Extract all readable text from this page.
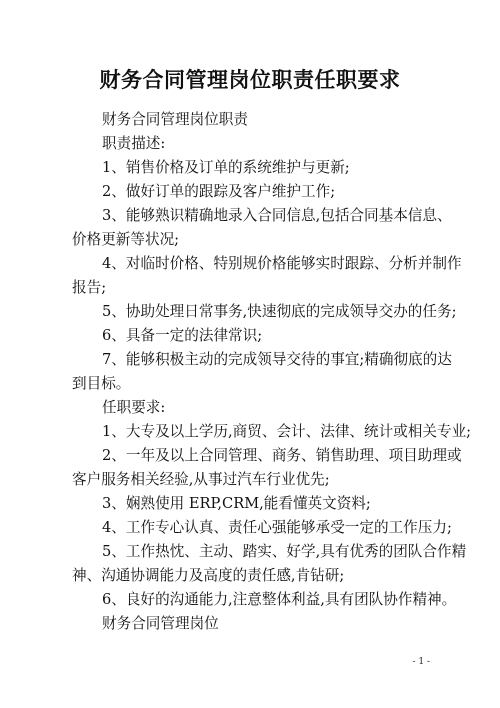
财务合同管理岗位职责任职要求
财务合同管理岗位职责
职责描述:
1、销售价格及订单的系统维护与更新;
2、做好订单的跟踪及客户维护工作;
3、能够熟识精确地录入合同信息,包括合同基本信息、
价格更新等状况;
4、对临时价格、特别规价格能够实时跟踪、分析并制作
报告;
5、协助处理日常事务,快速彻底的完成领导交办的任务;
6、具备一定的法律常识;
7、能够积极主动的完成领导交待的事宜;精确彻底的达
到目标。
任职要求:
1、大专及以上学历,商贸、会计、法律、统计或相关专业;
2、一年及以上合同管理、商务、销售助理、项目助理或
客户服务相关经验,从事过汽车行业优先;
3、娴熟使用 ERP,CRM,能看懂英文资料;
4、工作专心认真、责任心强能够承受一定的工作压力;
5、工作热忱、主动、踏实、好学,具有优秀的团队合作精
神、沟通协调能力及高度的责任感,肯钻研;
6、良好的沟通能力,注意整体利益,具有团队协作精神。
财务合同管理岗位
- 1 -
